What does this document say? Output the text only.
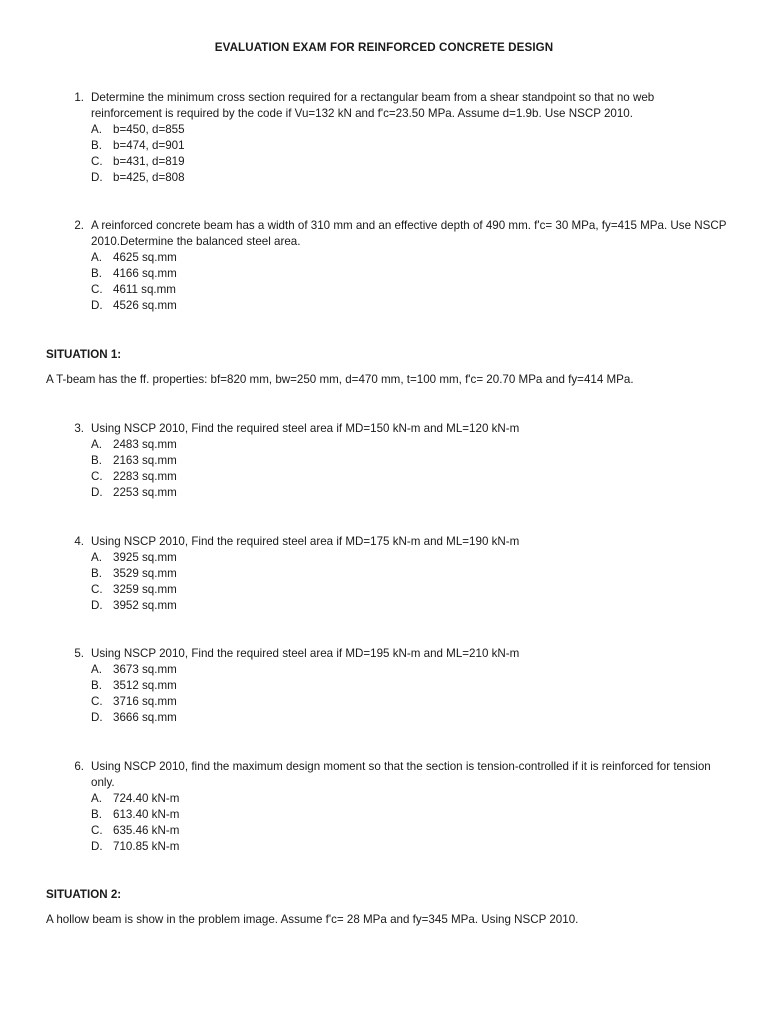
EVALUATION EXAM FOR REINFORCED CONCRETE DESIGN
1. Determine the minimum cross section required for a rectangular beam from a shear standpoint so that no web reinforcement is required by the code if Vu=132 kN and f'c=23.50 MPa. Assume d=1.9b. Use NSCP 2010.
A. b=450, d=855
B. b=474, d=901
C. b=431, d=819
D. b=425, d=808
2. A reinforced concrete beam has a width of 310 mm and an effective depth of 490 mm. f'c= 30 MPa, fy=415 MPa. Use NSCP 2010.Determine the balanced steel area.
A. 4625 sq.mm
B. 4166 sq.mm
C. 4611 sq.mm
D. 4526 sq.mm
SITUATION 1:
A T-beam has the ff. properties: bf=820 mm, bw=250 mm, d=470 mm, t=100 mm, f'c= 20.70 MPa and fy=414 MPa.
3. Using NSCP 2010, Find the required steel area if MD=150 kN-m and ML=120 kN-m
A. 2483 sq.mm
B. 2163 sq.mm
C. 2283 sq.mm
D. 2253 sq.mm
4. Using NSCP 2010, Find the required steel area if MD=175 kN-m and ML=190 kN-m
A. 3925 sq.mm
B. 3529 sq.mm
C. 3259 sq.mm
D. 3952 sq.mm
5. Using NSCP 2010, Find the required steel area if MD=195 kN-m and ML=210 kN-m
A. 3673 sq.mm
B. 3512 sq.mm
C. 3716 sq.mm
D. 3666 sq.mm
6. Using NSCP 2010, find the maximum design moment so that the section is tension-controlled if it is reinforced for tension only.
A. 724.40 kN-m
B. 613.40 kN-m
C. 635.46 kN-m
D. 710.85 kN-m
SITUATION 2:
A hollow beam is show in the problem image. Assume f'c= 28 MPa and fy=345 MPa. Using NSCP 2010.
